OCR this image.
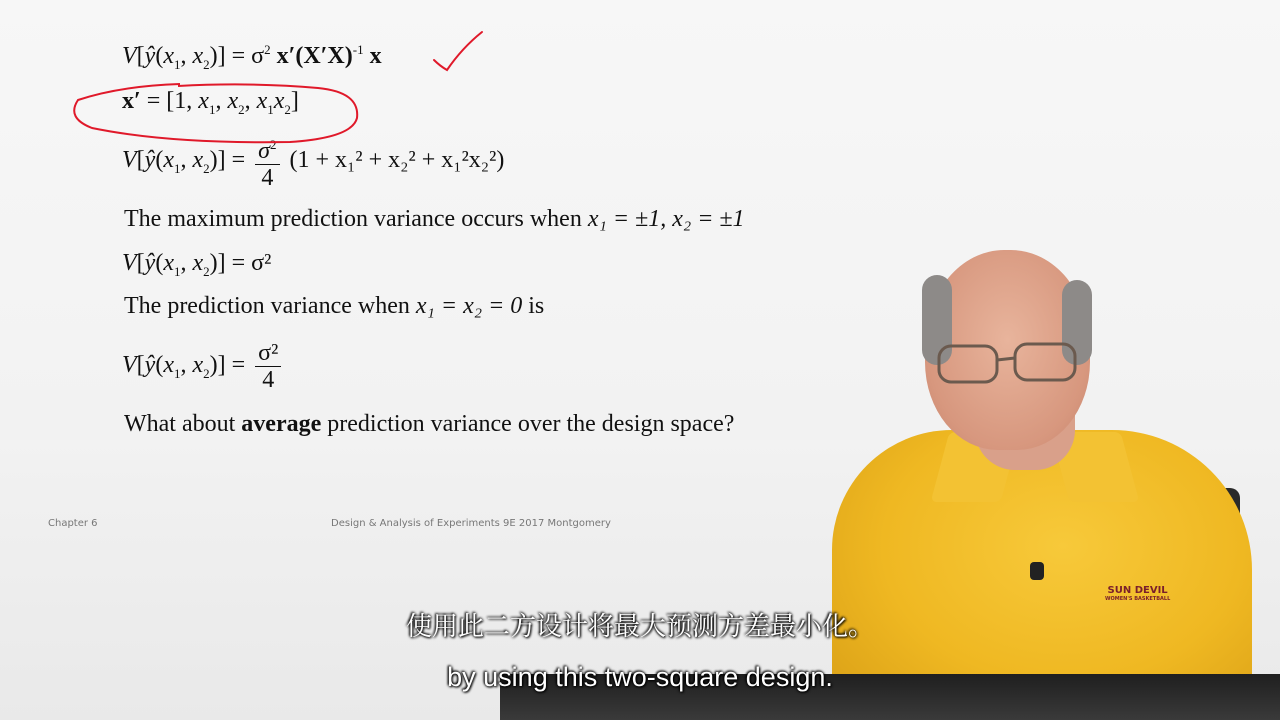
$V[ŷ(x_1$, $x_2)] = \sigma^2$ $x'(X'X)^{-1}$ x
x′ = [1, $x_1$, $x_2$, $x_1x_2$]
$V[ŷ(x_1$, $x_2)] = \frac{\sigma^2}{4} (1 + x_1^2 + x_2^2 + x_1^2x_2^2)$
The maximum prediction variance occurs when x₁ = ±1, x₂ = ±1
$V[ŷ(x_1$, $x_2)] = \sigma^2$
The prediction variance when x₁ = x₂ = 0 is
$V[ŷ(x_1$, $x_2)] = \frac{\text{σ²}}{4}$
What about average prediction variance over the design space?
Chapter 6	Design & Analysis of Experiments 9E 2017 Montgomery
SUN DEVIL
WOMEN'S BASKETBALL
使用此二方设计将最大预测方差最小化。
by using this two-square design.
